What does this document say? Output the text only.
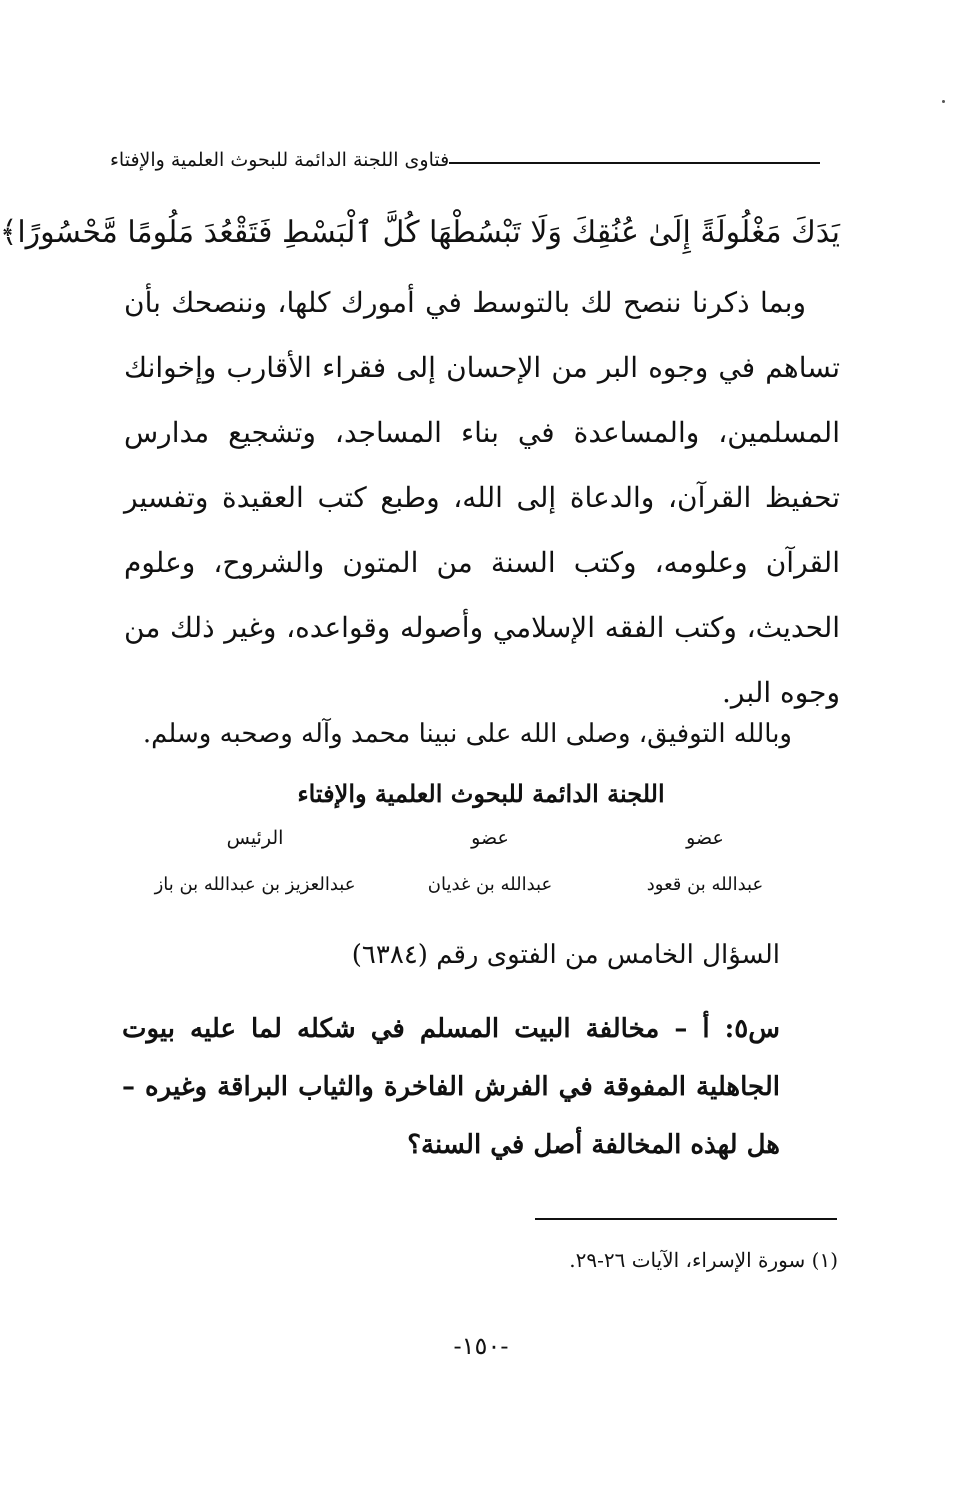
فتاوى اللجنة الدائمة للبحوث العلمية والإفتاء
يَدَكَ مَغْلُولَةً إِلَىٰ عُنُقِكَ وَلَا تَبْسُطْهَا كُلَّ ٱلْبَسْطِ فَتَقْعُدَ مَلُومًا مَّحْسُورًا﴾

وبما ذكرنا ننصح لك بالتوسط في أمورك كلها، وننصحك بأن تساهم في وجوه البر من الإحسان إلى فقراء الأقارب وإخوانك المسلمين، والمساعدة في بناء المساجد، وتشجيع مدارس تحفيظ القرآن، والدعاة إلى الله، وطبع كتب العقيدة وتفسير القرآن وعلومه، وكتب السنة من المتون والشروح، وعلوم الحديث، وكتب الفقه الإسلامي وأصوله وقواعده، وغير ذلك من وجوه البر.

وبالله التوفيق، وصلى الله على نبينا محمد وآله وصحبه وسلم.
اللجنة الدائمة للبحوث العلمية والإفتاء
عضو
عبدالله بن قعود
عضو
عبدالله بن غديان
الرئيس
عبدالعزيز بن عبدالله بن باز
السؤال الخامس من الفتوى رقم (٦٣٨٤)

س٥: أ – مخالفة البيت المسلم في شكله لما عليه بيوت الجاهلية المفوقة في الفرش الفاخرة والثياب البراقة وغيره – هل لهذه المخالفة أصل في السنة؟

(١) سورة الإسراء، الآيات ٢٦-٢٩.
-١٥٠-
